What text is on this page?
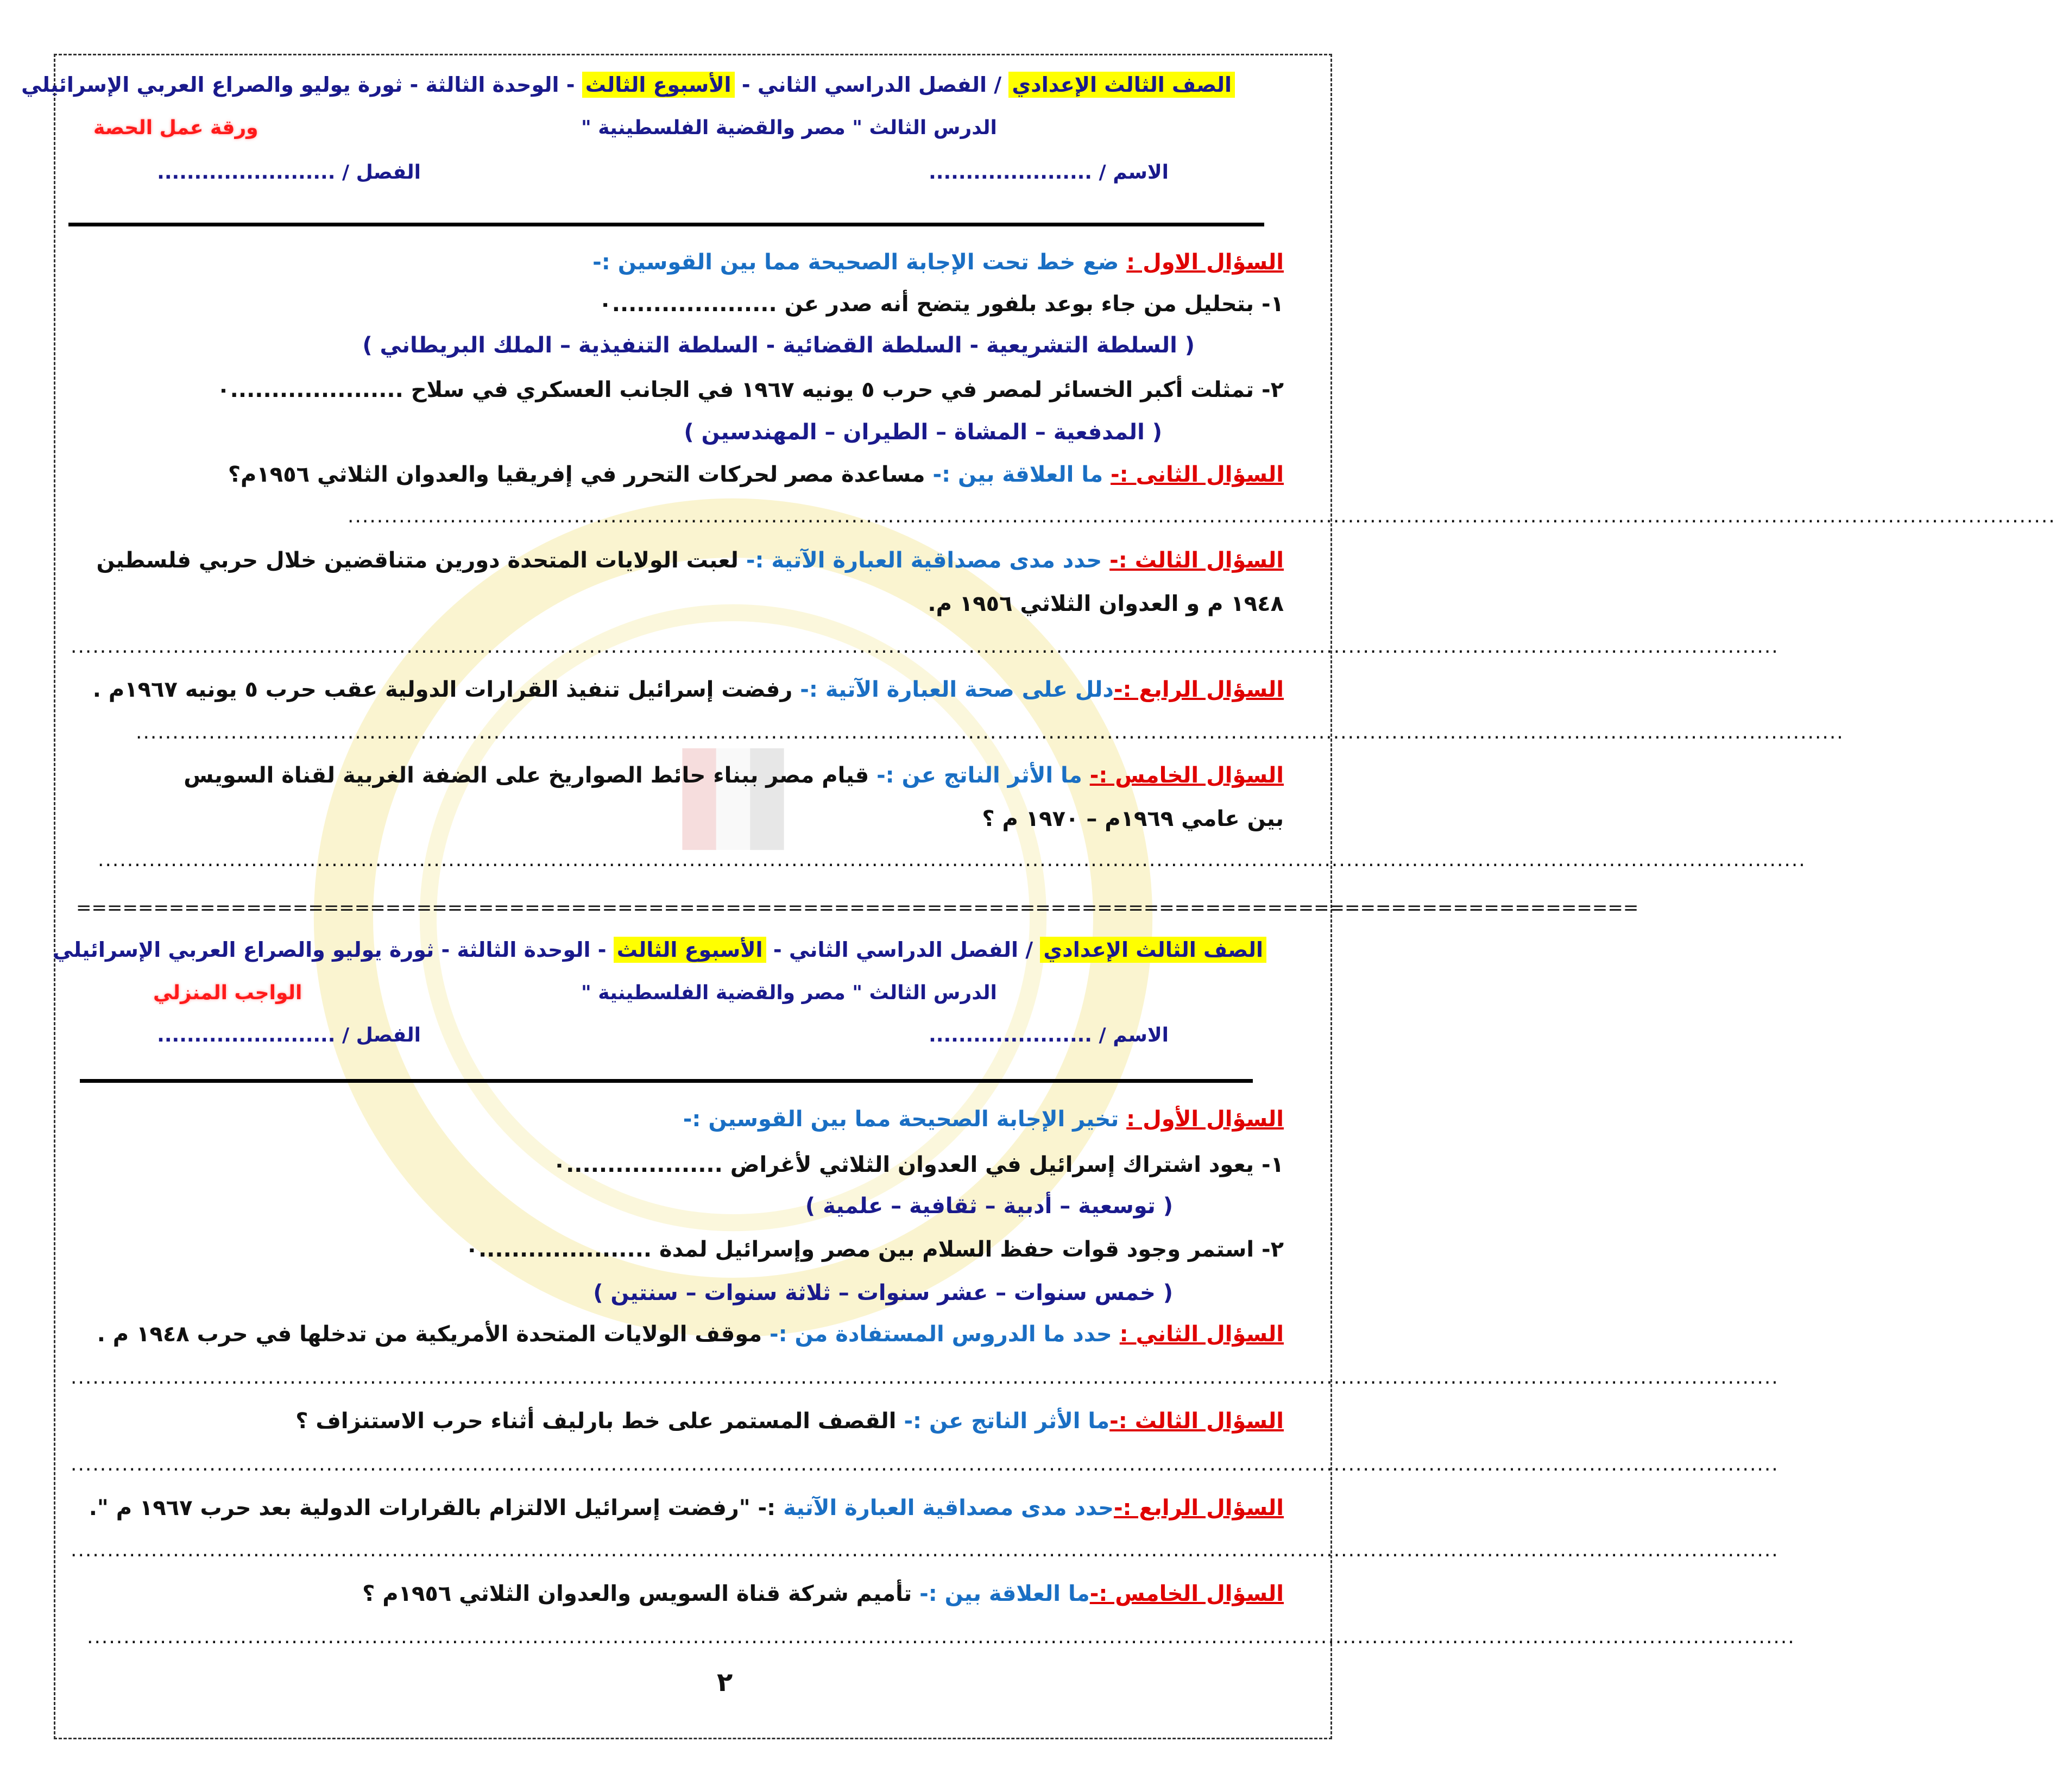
الصف الثالث الإعدادي / الفصل الدراسي الثاني - الأسبوع الثالث - الوحدة الثالثة - ثورة يوليو والصراع العربي الإسرائيلي
ورقة عمل الحصة	الدرس الثالث " مصر والقضية الفلسطينية "
الاسم / ......................
الفصل / ........................
السؤال الاول : ضع خط تحت الإجابة الصحيحة مما بين القوسين :-
١- بتحليل من جاء بوعد بلفور يتضح أنه صدر عن ....................٠
( السلطة التشريعية - السلطة القضائية - السلطة التنفيذية – الملك البريطاني )
٢- تمثلت أكبر الخسائر لمصر في حرب ٥ يونيه ١٩٦٧ في الجانب العسكري في سلاح .....................٠
( المدفعية – المشاة – الطيران – المهندسين )
السؤال الثانى :- ما العلاقة بين :- مساعدة مصر لحركات التحرر في إفريقيا والعدوان الثلاثي ١٩٥٦م؟
..........................................................................................................................................................................................................................................
السؤال الثالث :- حدد مدى مصداقية العبارة الآتية :- لعبت الولايات المتحدة دورين متناقضين خلال حربي فلسطين
١٩٤٨ م و العدوان الثلاثي ١٩٥٦ م.
..........................................................................................................................................................................................................................................
السؤال الرابع :-دلل على صحة العبارة الآتية :- رفضت إسرائيل تنفيذ القرارات الدولية عقب حرب ٥ يونيه ١٩٦٧م .
..........................................................................................................................................................................................................................................
السؤال الخامس :- ما الأثر الناتج عن :- قيام مصر ببناء حائط الصواريخ على الضفة الغربية لقناة السويس
بين عامي ١٩٦٩م – ١٩٧٠ م ؟
..........................................................................................................................................................................................................................................
=====================================================================================================
الصف الثالث الإعدادي / الفصل الدراسي الثاني - الأسبوع الثالث - الوحدة الثالثة - ثورة يوليو والصراع العربي الإسرائيلي
الواجب المنزلي	الدرس الثالث " مصر والقضية الفلسطينية "
الاسم / ......................
الفصل / ........................
السؤال الأول : تخير الإجابة الصحيحة مما بين القوسين :-
١- يعود اشتراك إسرائيل في العدوان الثلاثي لأغراض ...................٠
( توسعية – أدبية – ثقافية – علمية )
٢- استمر وجود قوات حفظ السلام بين مصر وإسرائيل لمدة .....................٠
( خمس سنوات – عشر سنوات – ثلاثة سنوات – سنتين )
السؤال الثاني : حدد ما الدروس المستفادة من :- موقف الولايات المتحدة الأمريكية من تدخلها في حرب ١٩٤٨ م .
..........................................................................................................................................................................................................................................
السؤال الثالث :-ما الأثر الناتج عن :- القصف المستمر على خط بارليف أثناء حرب الاستنزاف ؟
..........................................................................................................................................................................................................................................
السؤال الرابع :-حدد مدى مصداقية العبارة الآتية :- "رفضت إسرائيل الالتزام بالقرارات الدولية بعد حرب ١٩٦٧ م ".
..........................................................................................................................................................................................................................................
السؤال الخامس :-ما العلاقة بين :- تأميم شركة قناة السويس والعدوان الثلاثي ١٩٥٦م ؟
..........................................................................................................................................................................................................................................
٢
